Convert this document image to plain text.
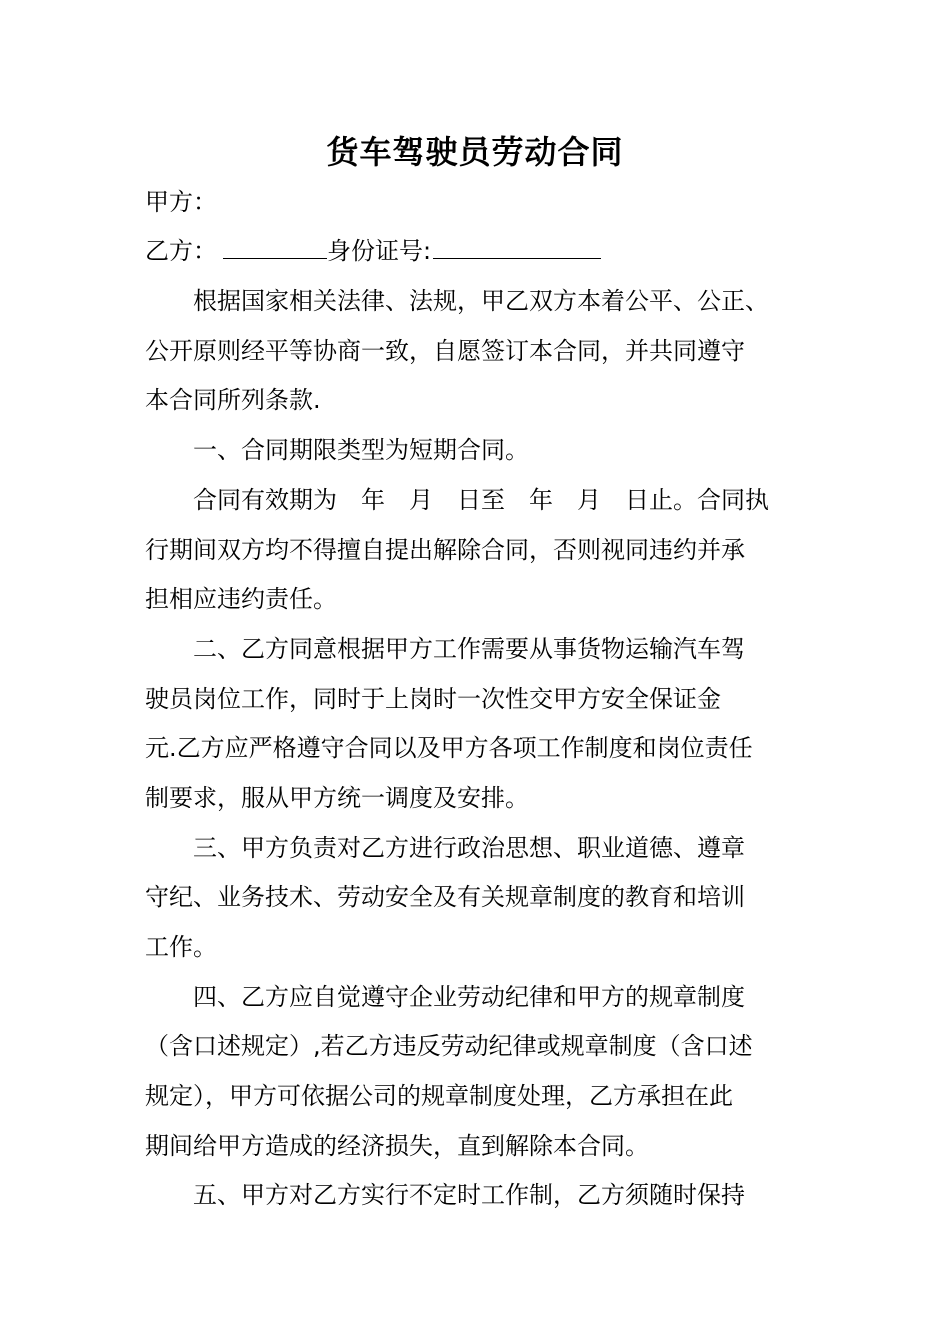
货车驾驶员劳动合同
甲方：
乙方：	身份证号:
　　根据国家相关法律、法规，甲乙双方本着公平、公正、
公开原则经平等协商一致，自愿签订本合同，并共同遵守
本合同所列条款.
　　一、合同期限类型为短期合同。
　　合同有效期为 年 月 日至 年 月 日止。合同执
行期间双方均不得擅自提出解除合同，否则视同违约并承
担相应违约责任。
　　二、乙方同意根据甲方工作需要从事货物运输汽车驾
驶员岗位工作，同时于上岗时一次性交甲方安全保证金
元.乙方应严格遵守合同以及甲方各项工作制度和岗位责任
制要求，服从甲方统一调度及安排。
　　三、甲方负责对乙方进行政治思想、职业道德、遵章
守纪、业务技术、劳动安全及有关规章制度的教育和培训
工作。
　　四、乙方应自觉遵守企业劳动纪律和甲方的规章制度
（含口述规定）,若乙方违反劳动纪律或规章制度（含口述
规定），甲方可依据公司的规章制度处理，乙方承担在此
期间给甲方造成的经济损失，直到解除本合同。
　　五、甲方对乙方实行不定时工作制，乙方须随时保持
